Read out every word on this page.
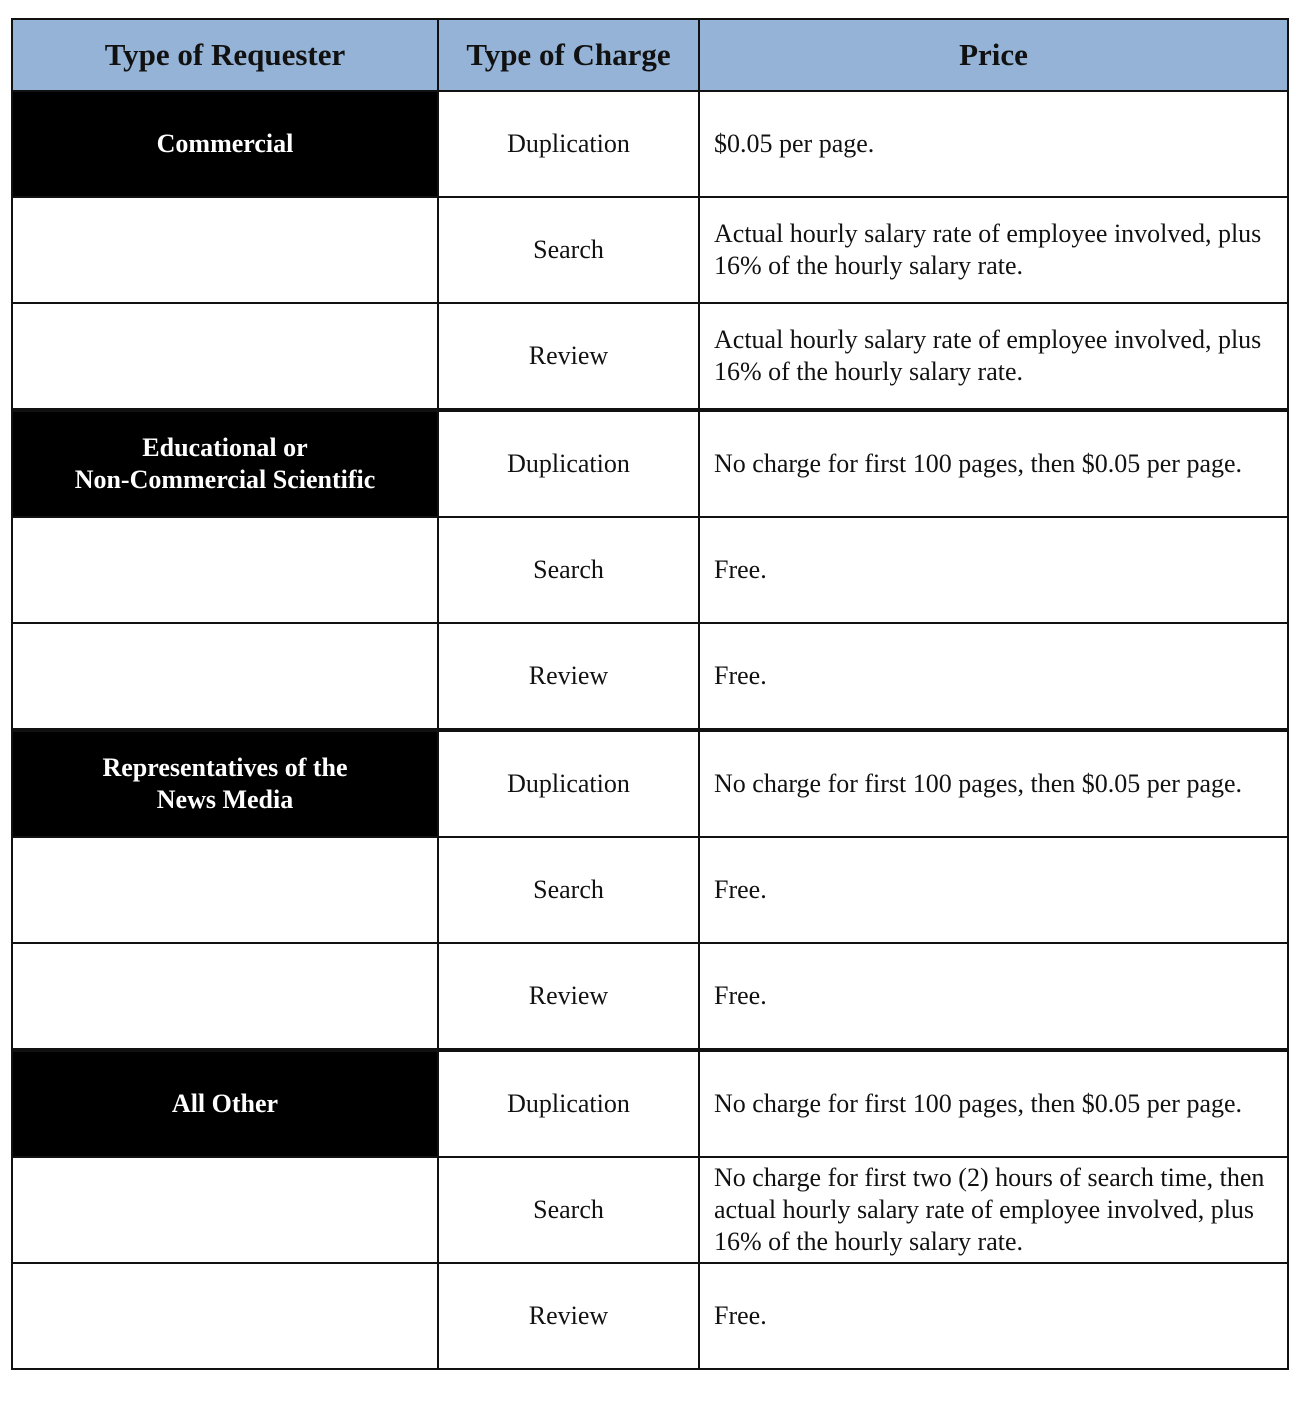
Type of Requester	Type of Charge	Price
Commercial	Duplication	$0.05 per page.
	Search	Actual hourly salary rate of employee involved, plus 16% of the hourly salary rate.
	Review	Actual hourly salary rate of employee involved, plus 16% of the hourly salary rate.
Educational or
Non-Commercial Scientific	Duplication	No charge for first 100 pages, then $0.05 per page.
	Search	Free.
	Review	Free.
Representatives of the
News Media	Duplication	No charge for first 100 pages, then $0.05 per page.
	Search	Free.
	Review	Free.
All Other	Duplication	No charge for first 100 pages, then $0.05 per page.
	Search	No charge for first two (2) hours of search time, then actual hourly salary rate of employee involved, plus 16% of the hourly salary rate.
	Review	Free.
